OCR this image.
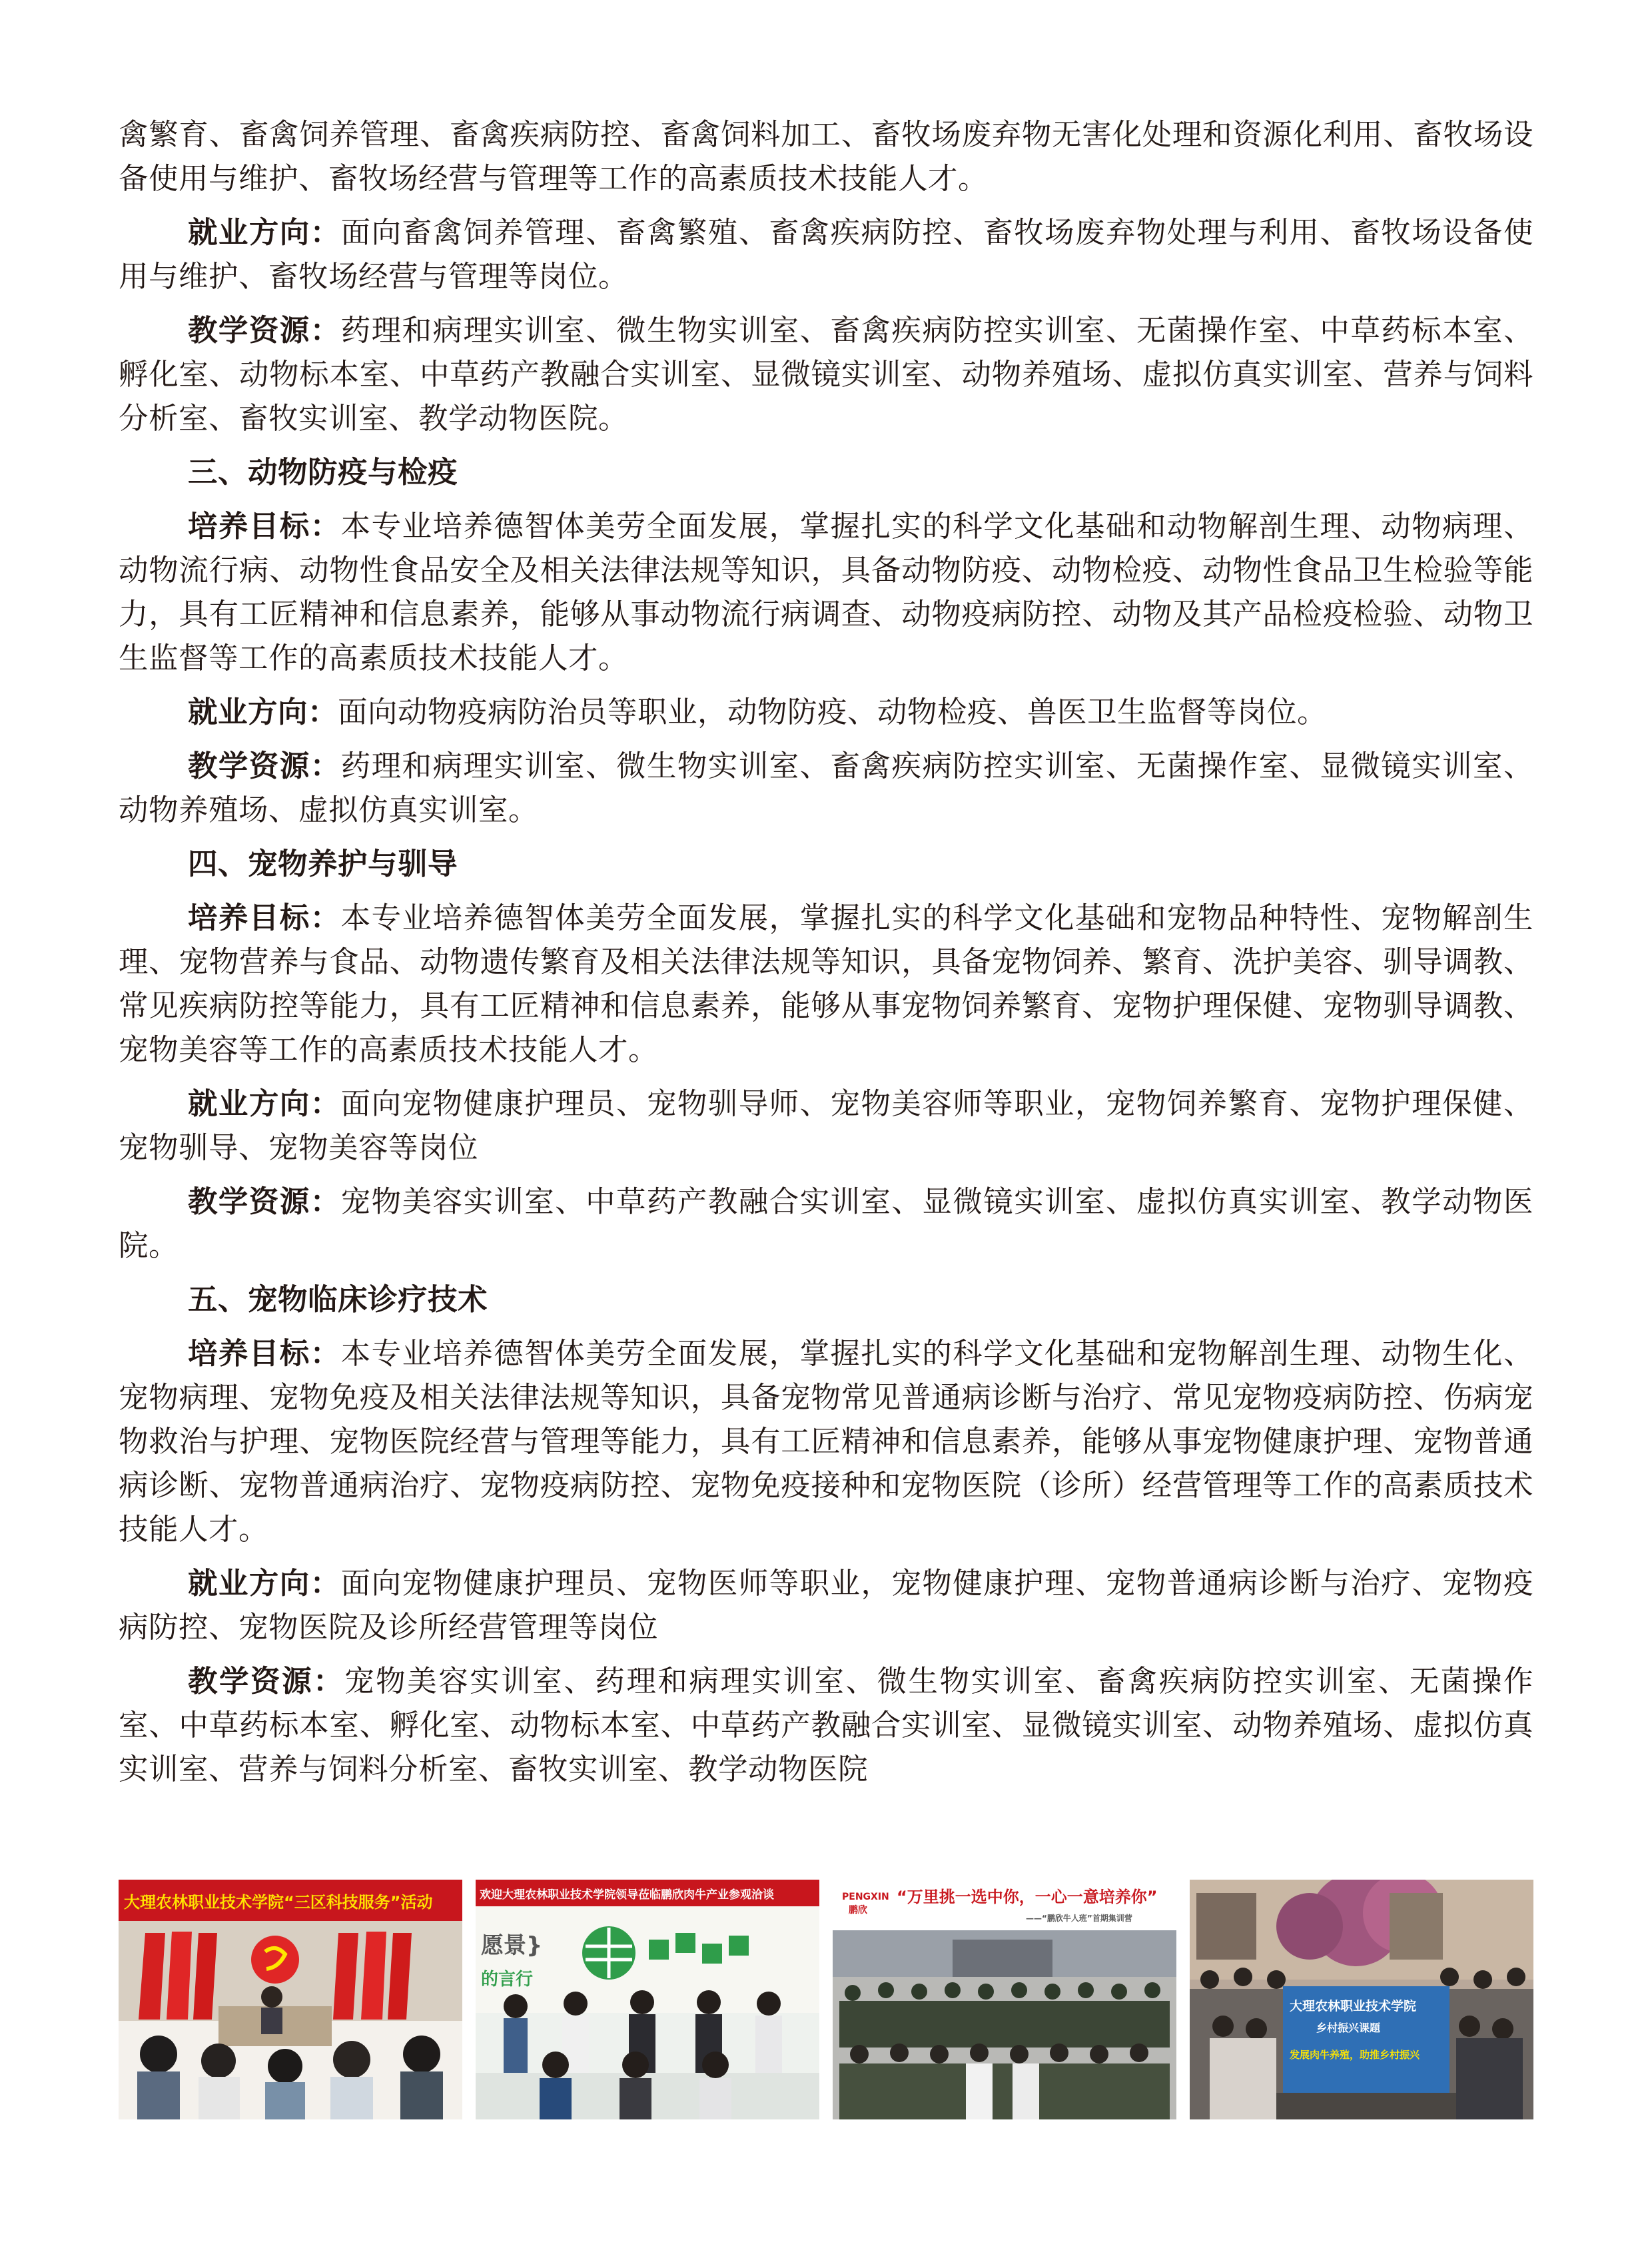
禽繁育、畜禽饲养管理、畜禽疾病防控、畜禽饲料加工、畜牧场废弃物无害化处理和资源化利用、畜牧场设备使用与维护、畜牧场经营与管理等工作的高素质技术技能人才。

就业方向：面向畜禽饲养管理、畜禽繁殖、畜禽疾病防控、畜牧场废弃物处理与利用、畜牧场设备使用与维护、畜牧场经营与管理等岗位。

教学资源：药理和病理实训室、微生物实训室、畜禽疾病防控实训室、无菌操作室、中草药标本室、孵化室、动物标本室、中草药产教融合实训室、显微镜实训室、动物养殖场、虚拟仿真实训室、营养与饲料分析室、畜牧实训室、教学动物医院。

三、动物防疫与检疫

培养目标：本专业培养德智体美劳全面发展，掌握扎实的科学文化基础和动物解剖生理、动物病理、动物流行病、动物性食品安全及相关法律法规等知识，具备动物防疫、动物检疫、动物性食品卫生检验等能力，具有工匠精神和信息素养，能够从事动物流行病调查、动物疫病防控、动物及其产品检疫检验、动物卫生监督等工作的高素质技术技能人才。

就业方向：面向动物疫病防治员等职业，动物防疫、动物检疫、兽医卫生监督等岗位。

教学资源：药理和病理实训室、微生物实训室、畜禽疾病防控实训室、无菌操作室、显微镜实训室、动物养殖场、虚拟仿真实训室。

四、宠物养护与驯导

培养目标：本专业培养德智体美劳全面发展，掌握扎实的科学文化基础和宠物品种特性、宠物解剖生理、宠物营养与食品、动物遗传繁育及相关法律法规等知识，具备宠物饲养、繁育、洗护美容、驯导调教、常见疾病防控等能力，具有工匠精神和信息素养，能够从事宠物饲养繁育、宠物护理保健、宠物驯导调教、宠物美容等工作的高素质技术技能人才。

就业方向：面向宠物健康护理员、宠物驯导师、宠物美容师等职业，宠物饲养繁育、宠物护理保健、宠物驯导、宠物美容等岗位

教学资源：宠物美容实训室、中草药产教融合实训室、显微镜实训室、虚拟仿真实训室、教学动物医院。

五、宠物临床诊疗技术

培养目标：本专业培养德智体美劳全面发展，掌握扎实的科学文化基础和宠物解剖生理、动物生化、宠物病理、宠物免疫及相关法律法规等知识，具备宠物常见普通病诊断与治疗、常见宠物疫病防控、伤病宠物救治与护理、宠物医院经营与管理等能力，具有工匠精神和信息素养，能够从事宠物健康护理、宠物普通病诊断、宠物普通病治疗、宠物疫病防控、宠物免疫接种和宠物医院（诊所）经营管理等工作的高素质技术技能人才。

就业方向：面向宠物健康护理员、宠物医师等职业，宠物健康护理、宠物普通病诊断与治疗、宠物疫病防控、宠物医院及诊所经营管理等岗位

教学资源：宠物美容实训室、药理和病理实训室、微生物实训室、畜禽疾病防控实训室、无菌操作室、中草药标本室、孵化室、动物标本室、中草药产教融合实训室、显微镜实训室、动物养殖场、虚拟仿真实训室、营养与饲料分析室、畜牧实训室、教学动物医院

大理农林职业技术学院“三区科技服务”活动	欢迎大理农林职业技术学院领导莅临鹏欣肉牛产业参观洽谈
愿景}
的言行
PENGXIN
鹏欣
“万里挑一选中你，一心一意培养你”
——“鹏欣牛人班”首期集训营
大理农林职业技术学院
乡村振兴课题
发展肉牛养殖，助推乡村振兴
